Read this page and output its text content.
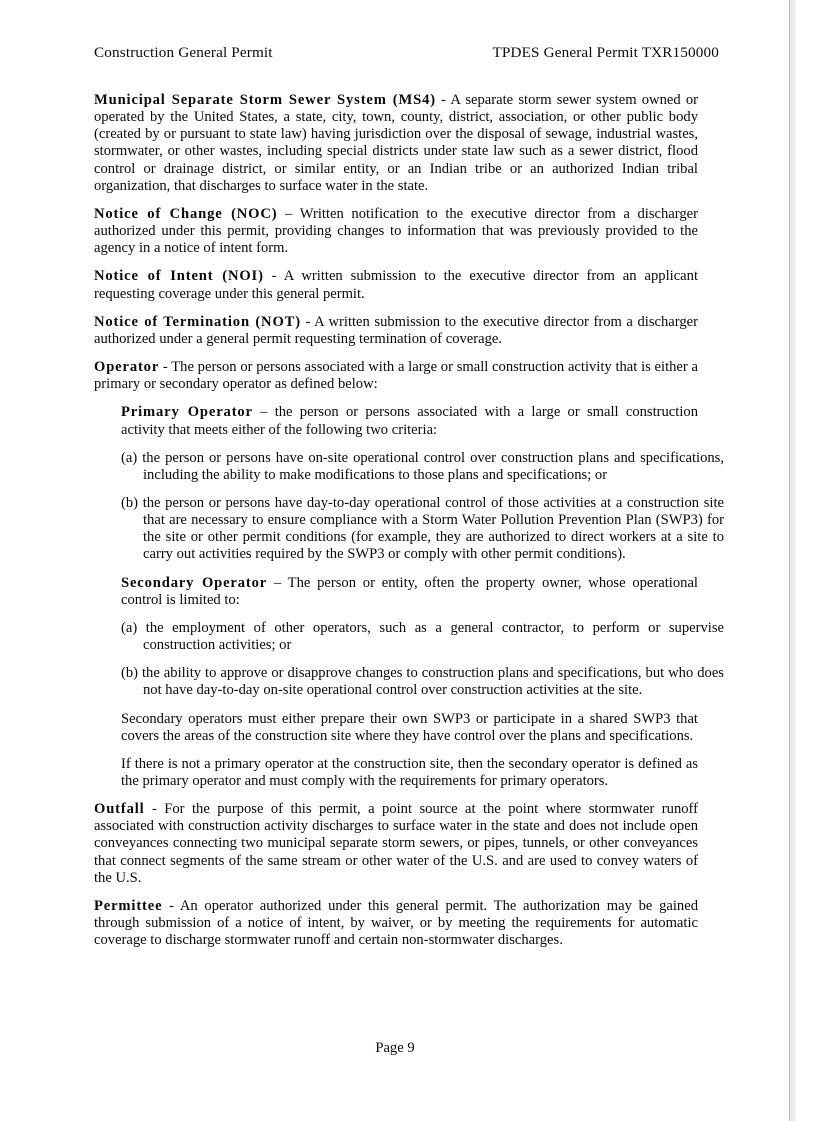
Construction General Permit	TPDES General Permit TXR150000

Municipal Separate Storm Sewer System (MS4) - A separate storm sewer system owned or operated by the United States, a state, city, town, county, district, association, or other public body (created by or pursuant to state law) having jurisdiction over the disposal of sewage, industrial wastes, stormwater, or other wastes, including special districts under state law such as a sewer district, flood control or drainage district, or similar entity, or an Indian tribe or an authorized Indian tribal organization, that discharges to surface water in the state.

Notice of Change (NOC) – Written notification to the executive director from a discharger authorized under this permit, providing changes to information that was previously provided to the agency in a notice of intent form.

Notice of Intent (NOI) - A written submission to the executive director from an applicant requesting coverage under this general permit.

Notice of Termination (NOT) - A written submission to the executive director from a discharger authorized under a general permit requesting termination of coverage.

Operator - The person or persons associated with a large or small construction activity that is either a primary or secondary operator as defined below:

Primary Operator – the person or persons associated with a large or small construction activity that meets either of the following two criteria:

(a) the person or persons have on-site operational control over construction plans and specifications, including the ability to make modifications to those plans and specifications; or

(b) the person or persons have day-to-day operational control of those activities at a construction site that are necessary to ensure compliance with a Storm Water Pollution Prevention Plan (SWP3) for the site or other permit conditions (for example, they are authorized to direct workers at a site to carry out activities required by the SWP3 or comply with other permit conditions).

Secondary Operator – The person or entity, often the property owner, whose operational control is limited to:

(a) the employment of other operators, such as a general contractor, to perform or supervise construction activities; or

(b) the ability to approve or disapprove changes to construction plans and specifications, but who does not have day-to-day on-site operational control over construction activities at the site.

Secondary operators must either prepare their own SWP3 or participate in a shared SWP3 that covers the areas of the construction site where they have control over the plans and specifications.

If there is not a primary operator at the construction site, then the secondary operator is defined as the primary operator and must comply with the requirements for primary operators.

Outfall - For the purpose of this permit, a point source at the point where stormwater runoff associated with construction activity discharges to surface water in the state and does not include open conveyances connecting two municipal separate storm sewers, or pipes, tunnels, or other conveyances that connect segments of the same stream or other water of the U.S. and are used to convey waters of the U.S.

Permittee - An operator authorized under this general permit. The authorization may be gained through submission of a notice of intent, by waiver, or by meeting the requirements for automatic coverage to discharge stormwater runoff and certain non-stormwater discharges.

Page 9
